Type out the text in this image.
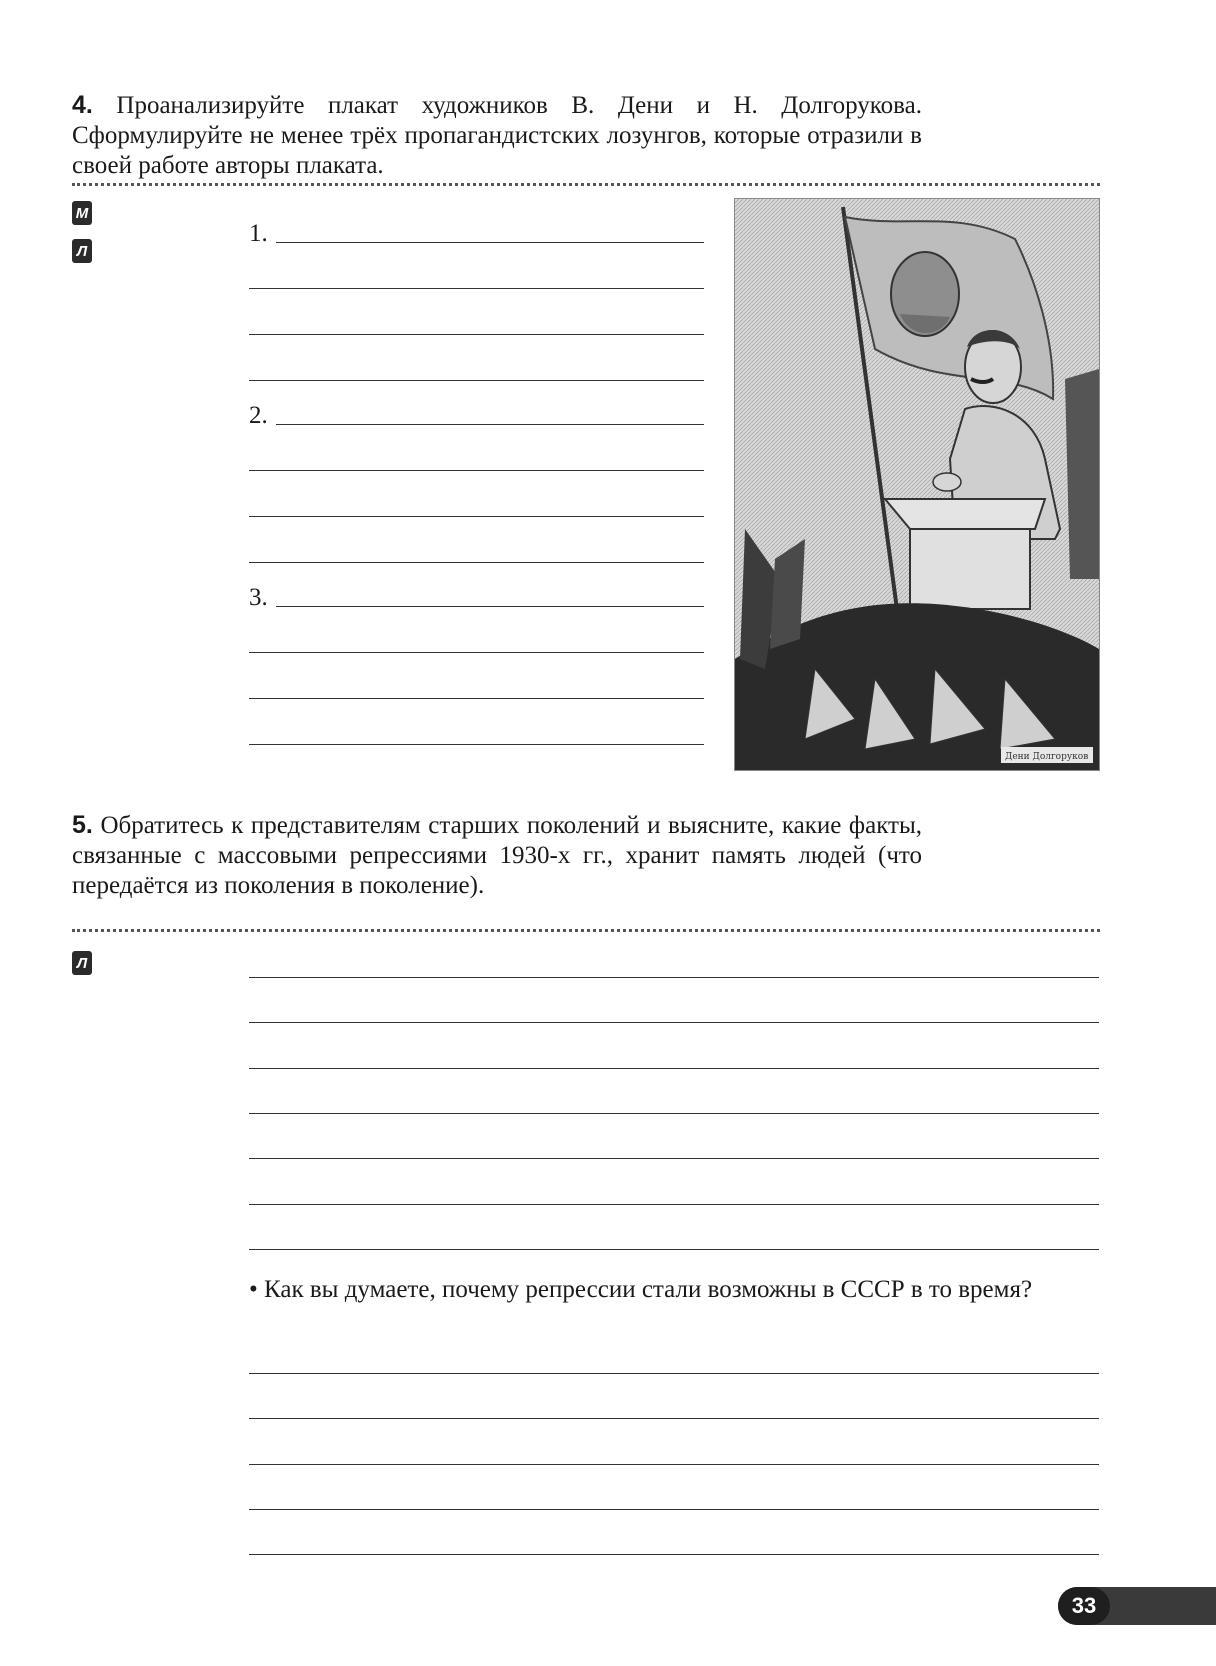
4. Проанализируйте плакат художников В. Дени и Н. Долгорукова. Сформулируйте не менее трёх пропагандистских лозунгов, которые отразили в своей работе авторы плаката.

М
Л
1.
2.
3.
Дени Долгоруков

5. Обратитесь к представителям старших поколений и выясните, какие факты, связанные с массовыми репрессиями 1930-х гг., хранит память людей (что передаётся из поколения в поколение).

Л

• Как вы думаете, почему репрессии стали возможны в СССР в то время?

33
